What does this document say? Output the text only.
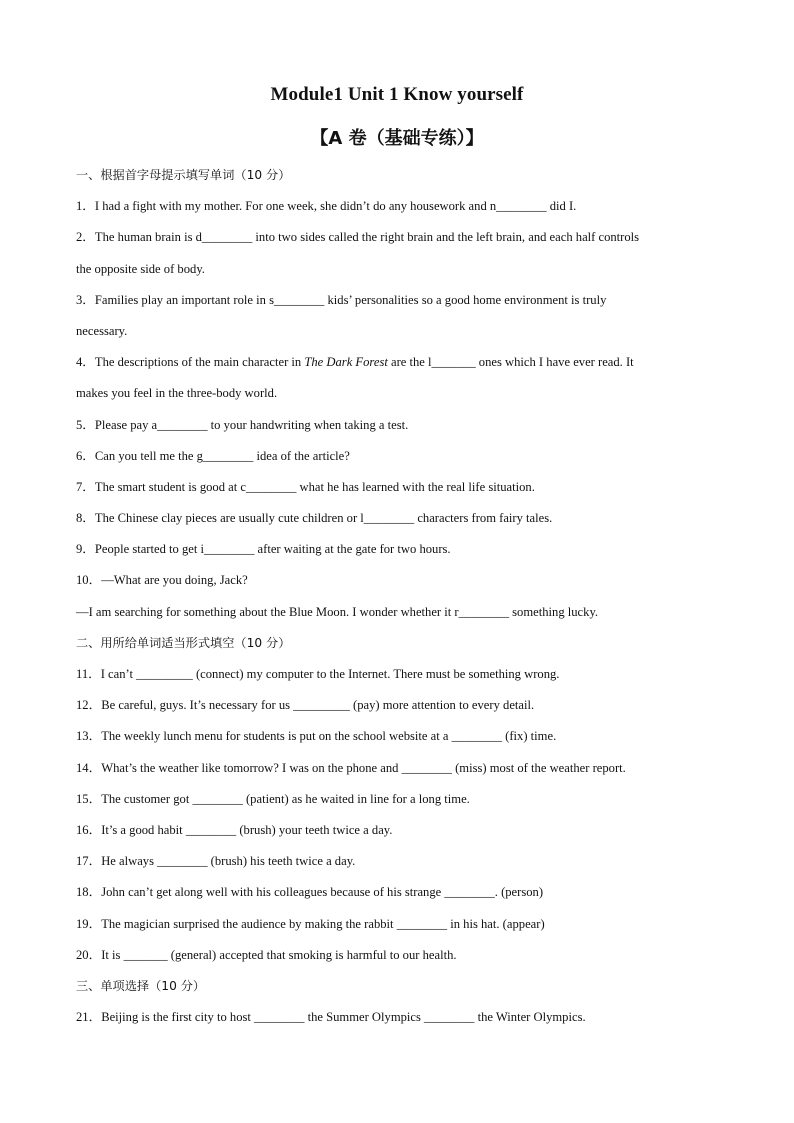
Module1 Unit 1 Know yourself
【A 卷（基础专练）】
一、根据首字母提示填写单词（10 分）
1．I had a fight with my mother. For one week, she didn’t do any housework and n________ did I.
2．The human brain is d________ into two sides called the right brain and the left brain, and each half controls
the opposite side of body.
3．Families play an important role in s________ kids’ personalities so a good home environment is truly
necessary.
4．The descriptions of the main character in The Dark Forest are the l_______ ones which I have ever read. It
makes you feel in the three-body world.
5．Please pay a________ to your handwriting when taking a test.
6．Can you tell me the g________ idea of the article?
7．The smart student is good at c________ what he has learned with the real life situation.
8．The Chinese clay pieces are usually cute children or l________ characters from fairy tales.
9．People started to get i________ after waiting at the gate for two hours.
10．—What are you doing, Jack?
—I am searching for something about the Blue Moon. I wonder whether it r________ something lucky.
二、用所给单词适当形式填空（10 分）
11．I can’t _________ (connect) my computer to the Internet. There must be something wrong.
12．Be careful, guys. It’s necessary for us _________ (pay) more attention to every detail.
13．The weekly lunch menu for students is put on the school website at a ________ (fix) time.
14．What’s the weather like tomorrow? I was on the phone and ________ (miss) most of the weather report.
15．The customer got ________ (patient) as he waited in line for a long time.
16．It’s a good habit ________ (brush) your teeth twice a day.
17．He always ________ (brush) his teeth twice a day.
18．John can’t get along well with his colleagues because of his strange ________. (person)
19．The magician surprised the audience by making the rabbit ________ in his hat. (appear)
20．It is _______ (general) accepted that smoking is harmful to our health.
三、单项选择（10 分）
21．Beijing is the first city to host ________ the Summer Olympics ________ the Winter Olympics.
